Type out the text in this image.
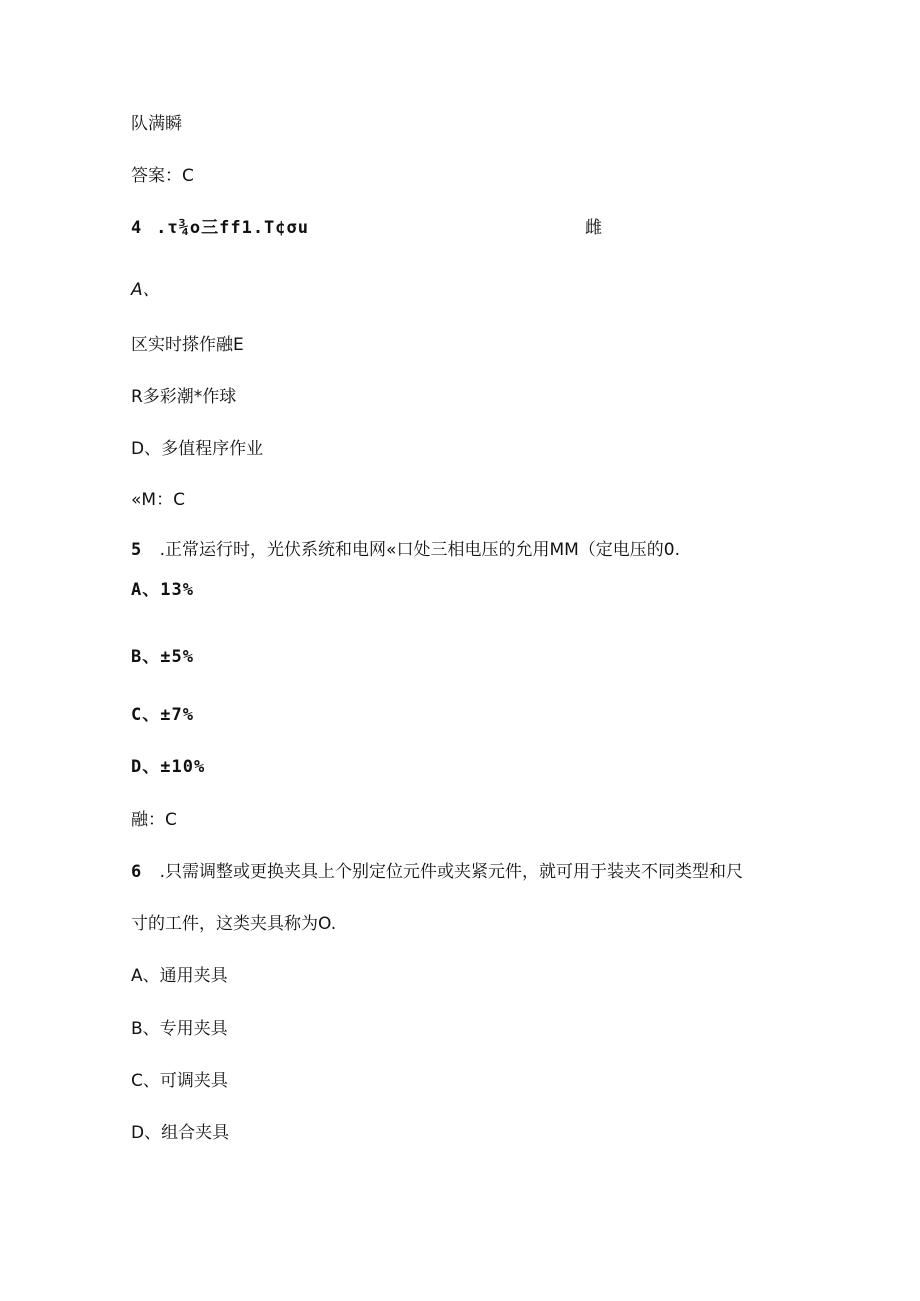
队满瞬
答案：C
4 .τ¾o三ff1.T¢σu	雌
A、
区实时搽作融E
R多彩潮*作球
D、多值程序作业
«M：C
5 .正常运行时，光伏系统和电网«口处三相电压的允用MM（定电压的0.
A、13%
B、±5%
C、±7%
D、±10%
融：C
6 .只需调整或更换夹具上个别定位元件或夹紧元件，就可用于装夹不同类型和尺
寸的工件，这类夹具称为O.
A、通用夹具
B、专用夹具
C、可调夹具
D、组合夹具
